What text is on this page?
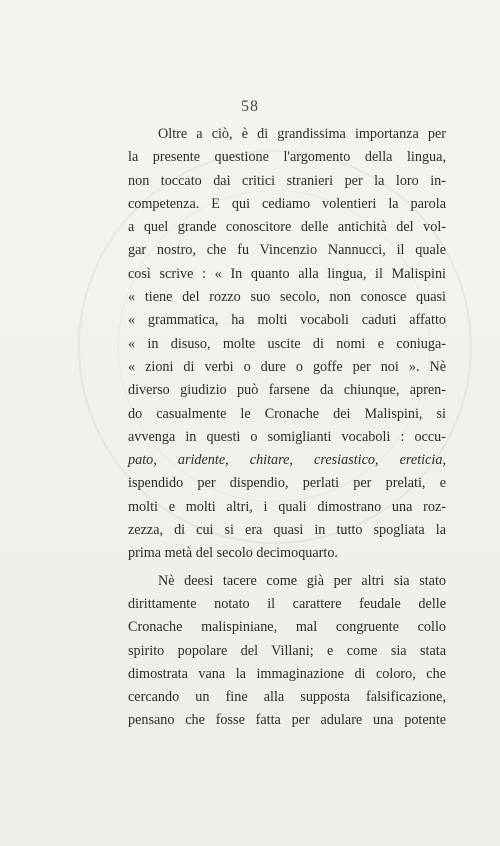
58
Oltre a ciò, è di grandissima importanza per
la presente questione l'argomento della lingua,
non toccato dai critici stranieri per la loro in-
competenza. E qui cediamo volentieri la parola
a quel grande conoscitore delle antichità del vol-
gar nostro, che fu Vincenzio Nannucci, il quale
così scrive : « In quanto alla lingua, il Malispini
« tiene del rozzo suo secolo, non conosce quasi
« grammatica, ha molti vocaboli caduti affatto
« in disuso, molte uscite di nomi e coniuga-
« zioni di verbi o dure o goffe per noi ». Nè
diverso giudizio può farsene da chiunque, apren-
do casualmente le Cronache dei Malispini, si
avvenga in questi o somiglianti vocaboli : occu-
pato, aridente, chitare, cresiastico, ereticia,
ispendido per dispendio, perlati per prelati, e
molti e molti altri, i quali dimostrano una roz-
zezza, di cui si era quasi in tutto spogliata la
prima metà del secolo decimoquarto.
Nè deesi tacere come già per altri sia stato
dirittamente notato il carattere feudale delle
Cronache malispiniane, mal congruente collo
spirito popolare del Villani; e come sia stata
dimostrata vana la immaginazione di coloro, che
cercando un fine alla supposta falsificazione,
pensano che fosse fatta per adulare una potente
